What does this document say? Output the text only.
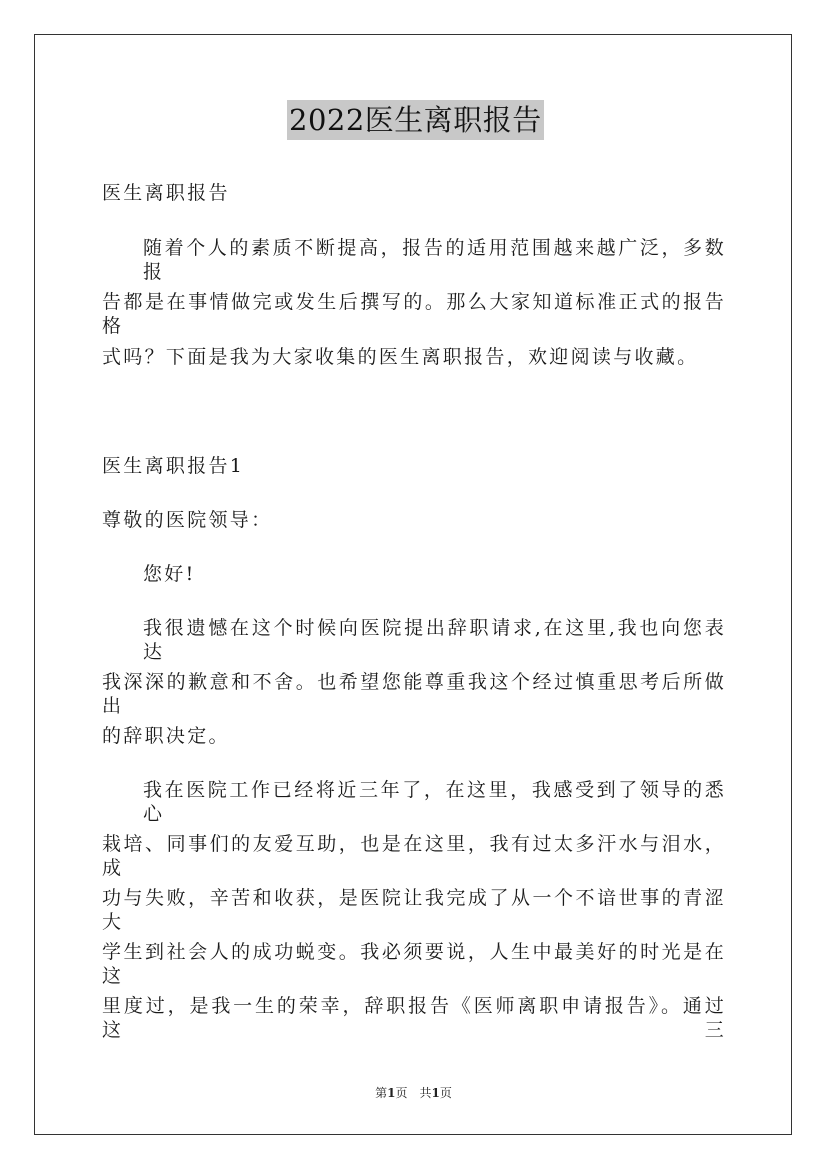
2022医生离职报告
医生离职报告
随着个人的素质不断提高，报告的适用范围越来越广泛，多数报
告都是在事情做完或发生后撰写的。那么大家知道标准正式的报告格
式吗？下面是我为大家收集的医生离职报告，欢迎阅读与收藏。
医生离职报告1
尊敬的医院领导：
您好!
我很遗憾在这个时候向医院提出辞职请求,在这里,我也向您表达
我深深的歉意和不舍。也希望您能尊重我这个经过慎重思考后所做出
的辞职决定。
我在医院工作已经将近三年了，在这里，我感受到了领导的悉心
栽培、同事们的友爱互助，也是在这里，我有过太多汗水与泪水，成
功与失败，辛苦和收获，是医院让我完成了从一个不谙世事的青涩大
学生到社会人的成功蜕变。我必须要说，人生中最美好的时光是在这
里度过，是我一生的荣幸，辞职报告《医师离职申请报告》。通过这三
第1页　共1页
